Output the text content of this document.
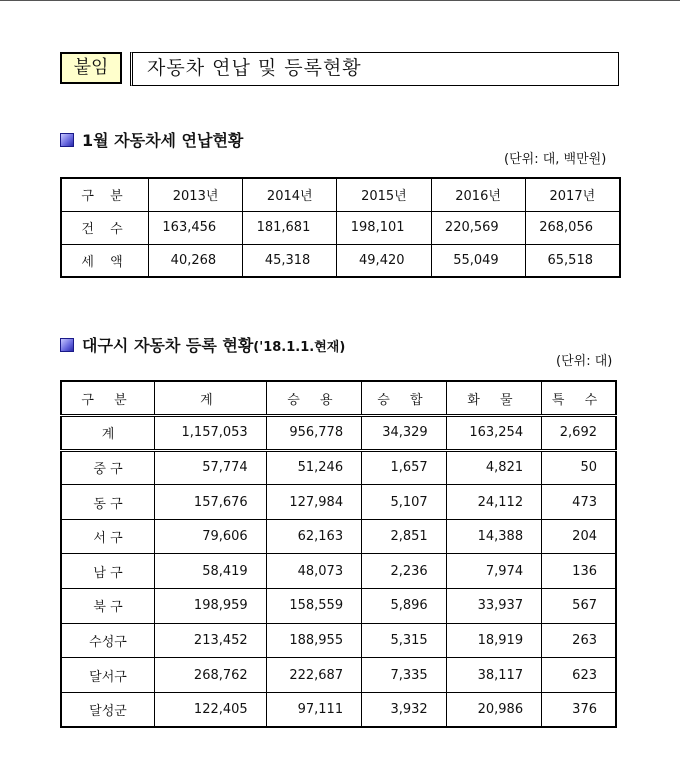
붙임	자동차 연납 및 등록현황
1월 자동차세 연납현황
(단위: 대, 백만원)
구 분	2013년	2014년	2015년	2016년	2017년
건 수	163,456	181,681	198,101	220,569	268,056
세 액	40,268	45,318	49,420	55,049	65,518
대구시 자동차 등록 현황('18.1.1.현재)
(단위: 대)
구 분	계	승 용	승 합	화 물	특 수
계	1,157,053	956,778	34,329	163,254	2,692
중 구	57,774	51,246	1,657	4,821	50
동 구	157,676	127,984	5,107	24,112	473
서 구	79,606	62,163	2,851	14,388	204
남 구	58,419	48,073	2,236	7,974	136
북 구	198,959	158,559	5,896	33,937	567
수성구	213,452	188,955	5,315	18,919	263
달서구	268,762	222,687	7,335	38,117	623
달성군	122,405	97,111	3,932	20,986	376
